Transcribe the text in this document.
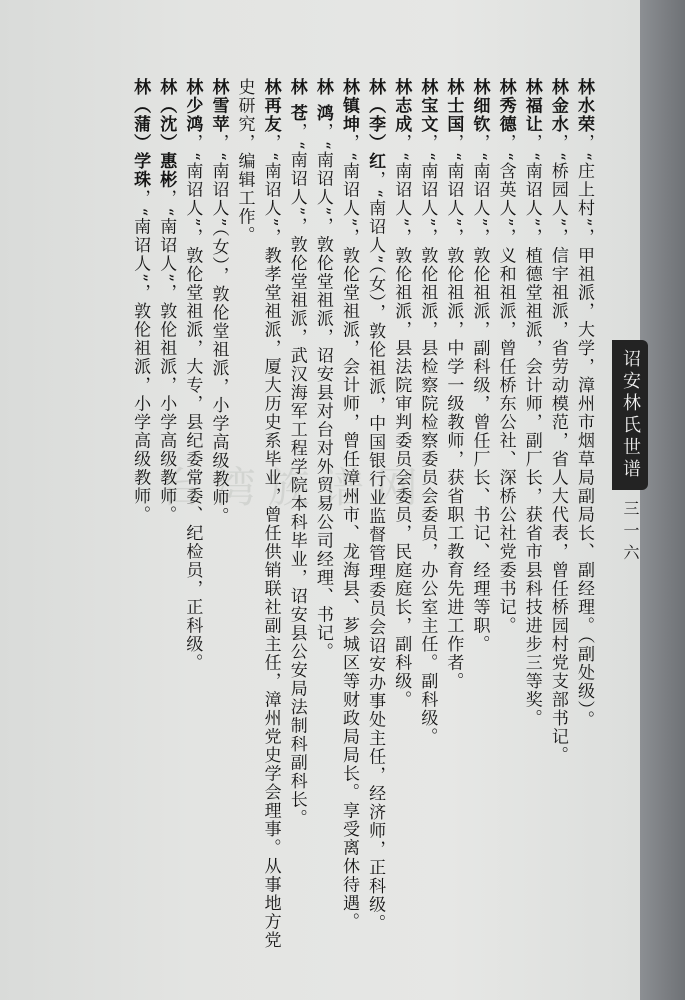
台湾族谱网
林水荣，“庄上村”，甲祖派，大学，漳州市烟草局副局长、副经理。（副处级）。
林金水，“桥园人”，信宇祖派，省劳动模范，省人大代表，曾任桥园村党支部书记。
林福让，“南诏人”，植德堂祖派，会计师，副厂长，获省市县科技进步三等奖。
林秀德，“含英人”，义和祖派，曾任桥东公社、深桥公社党委书记。
林细钦，“南诏人”，敦伦祖派，副科级，曾任厂长、书记、经理等职。
林士国，“南诏人”，敦伦祖派，中学一级教师，获省职工教育先进工作者。
林宝文，“南诏人”，敦伦祖派，县检察院检察委员会委员，办公室主任。副科级。
林志成，“南诏人”，敦伦祖派，县法院审判委员会委员，民庭庭长，副科级。
林（李）红，“南诏人”（女），敦伦祖派，中国银行业监督管理委员会诏安办事处主任，经济师，正科级。
林镇坤，“南诏人”，敦伦堂祖派，会计师，曾任漳州市、龙海县、芗城区等财政局局长。享受离休待遇。
林 鸿，“南诏人”，敦伦堂祖派，诏安县对台对外贸易公司经理、书记。
林 苍，“南诏人”，敦伦堂祖派，武汉海军工程学院本科毕业，诏安县公安局法制科副科长。
林再友，“南诏人”，教孝堂祖派，厦大历史系毕业，曾任供销联社副主任，漳州党史学会理事。从事地方党
史研究，编辑工作。
林雪苹，“南诏人”（女），敦伦堂祖派，小学高级教师。
林少鸿，“南诏人”，敦伦堂祖派，大专，县纪委常委、纪检员，正科级。
林（沈）惠彬，“南诏人”，敦伦祖派，小学高级教师。
林（蒲）学珠，“南诏人”，敦伦祖派，小学高级教师。	诏安林氏世谱
三一六
